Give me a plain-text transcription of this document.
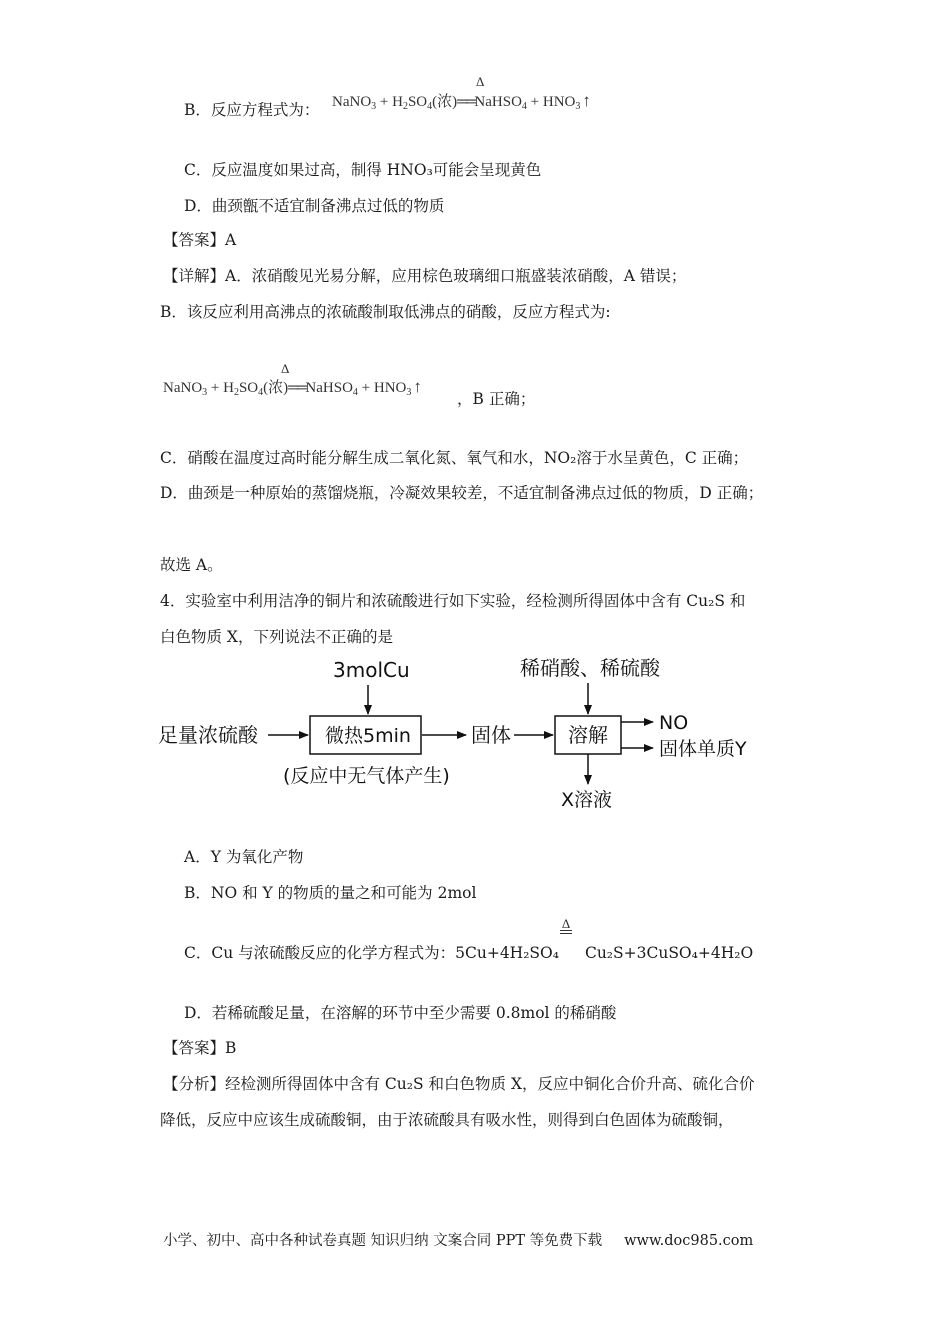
B．反应方程式为：
Δ
NaNO$_3$ + $H_2SO_4$(浓)══NaHSO$_4$ + $HNO_3$ ↑
C．反应温度如果过高，制得 HNO₃可能会呈现黄色
D．曲颈甑不适宜制备沸点过低的物质
【答案】A
【详解】A．浓硝酸见光易分解，应用棕色玻璃细口瓶盛装浓硝酸，A 错误；
B．该反应利用高沸点的浓硫酸制取低沸点的硝酸，反应方程式为:
Δ
NaNO$_3$ + $H_2SO_4$(浓)══NaHSO$_4$ + $HNO_3$ ↑
，B 正确；
C．硝酸在温度过高时能分解生成二氧化氮、氧气和水，NO₂溶于水呈黄色，C 正确；
D．曲颈是一种原始的蒸馏烧瓶，冷凝效果较差，不适宜制备沸点过低的物质，D 正确；
故选 A。
4．实验室中利用洁净的铜片和浓硫酸进行如下实验，经检测所得固体中含有 Cu₂S 和
白色物质 X，下列说法不正确的是
足量浓硫酸
3molCu
微热5min
(反应中无气体产生)
固体
稀硝酸、稀硫酸
溶解	NO
固体单质Y
X溶液
A．Y 为氧化产物
B．NO 和 Y 的物质的量之和可能为 2mol
C．Cu 与浓硫酸反应的化学方程式为：5Cu+4H₂SO₄ Cu₂S+3CuSO₄+4H₂O
Δ
D．若稀硫酸足量，在溶解的环节中至少需要 0.8mol 的稀硝酸
【答案】B
【分析】经检测所得固体中含有 Cu₂S 和白色物质 X，反应中铜化合价升高、硫化合价
降低，反应中应该生成硫酸铜，由于浓硫酸具有吸水性，则得到白色固体为硫酸铜，
小学、初中、高中各种试卷真题 知识归纳 文案合同 PPT 等免费下载 www.doc985.com
